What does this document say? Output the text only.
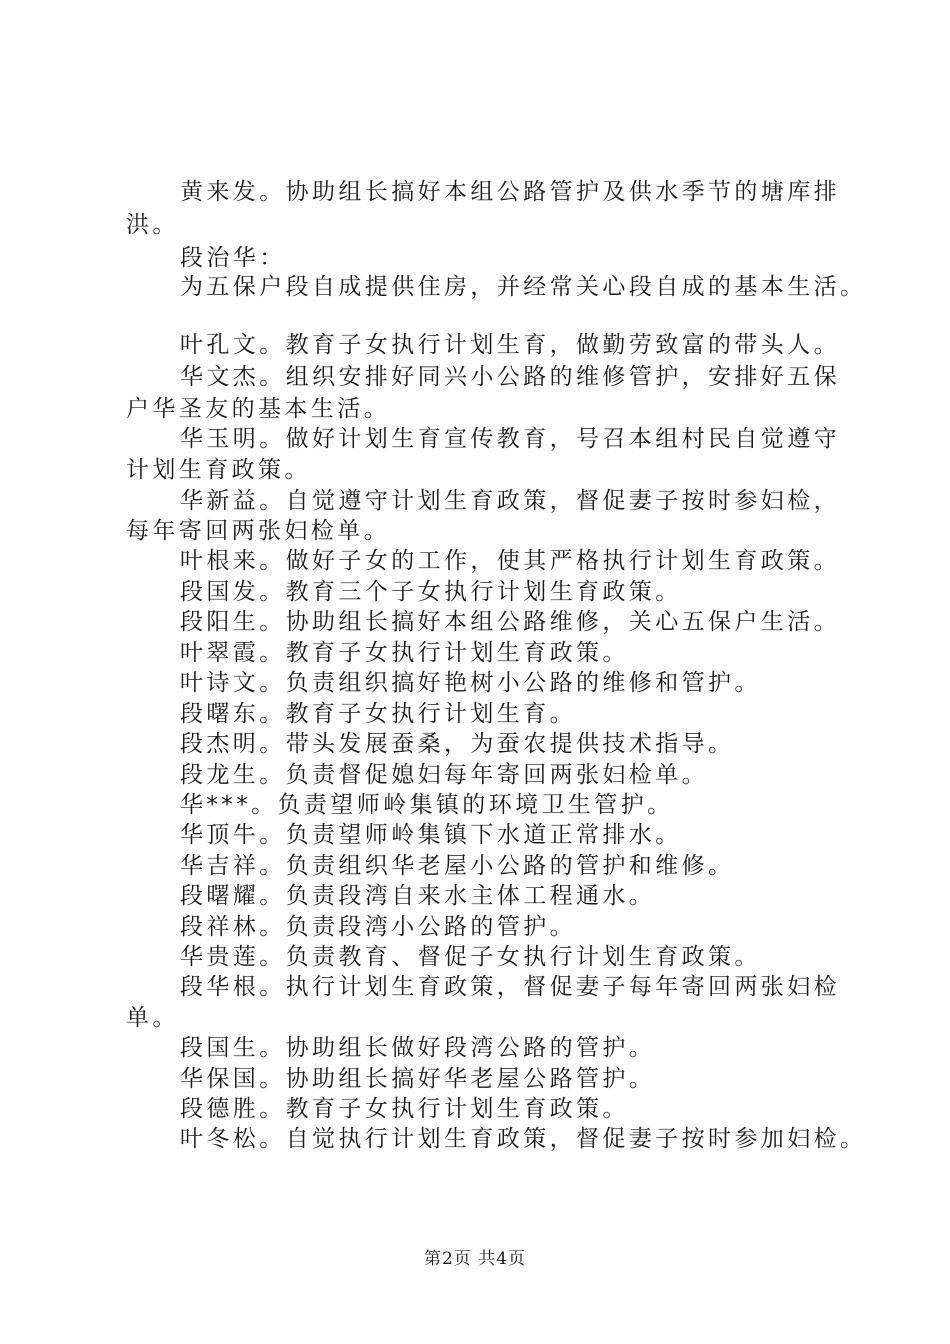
黄来发。协助组长搞好本组公路管护及供水季节的塘库排
洪。
段治华：
为五保户段自成提供住房，并经常关心段自成的基本生活。
叶孔文。教育子女执行计划生育，做勤劳致富的带头人。
华文杰。组织安排好同兴小公路的维修管护，安排好五保
户华圣友的基本生活。
华玉明。做好计划生育宣传教育，号召本组村民自觉遵守
计划生育政策。
华新益。自觉遵守计划生育政策，督促妻子按时参妇检，
每年寄回两张妇检单。
叶根来。做好子女的工作，使其严格执行计划生育政策。
段国发。教育三个子女执行计划生育政策。
段阳生。协助组长搞好本组公路维修，关心五保户生活。
叶翠霞。教育子女执行计划生育政策。
叶诗文。负责组织搞好艳树小公路的维修和管护。
段曙东。教育子女执行计划生育。
段杰明。带头发展蚕桑，为蚕农提供技术指导。
段龙生。负责督促媳妇每年寄回两张妇检单。
华***。负责望师岭集镇的环境卫生管护。
华顶牛。负责望师岭集镇下水道正常排水。
华吉祥。负责组织华老屋小公路的管护和维修。
段曙耀。负责段湾自来水主体工程通水。
段祥林。负责段湾小公路的管护。
华贵莲。负责教育、督促子女执行计划生育政策。
段华根。执行计划生育政策，督促妻子每年寄回两张妇检
单。
段国生。协助组长做好段湾公路的管护。
华保国。协助组长搞好华老屋公路管护。
段德胜。教育子女执行计划生育政策。
叶冬松。自觉执行计划生育政策，督促妻子按时参加妇检。
第2页 共4页
